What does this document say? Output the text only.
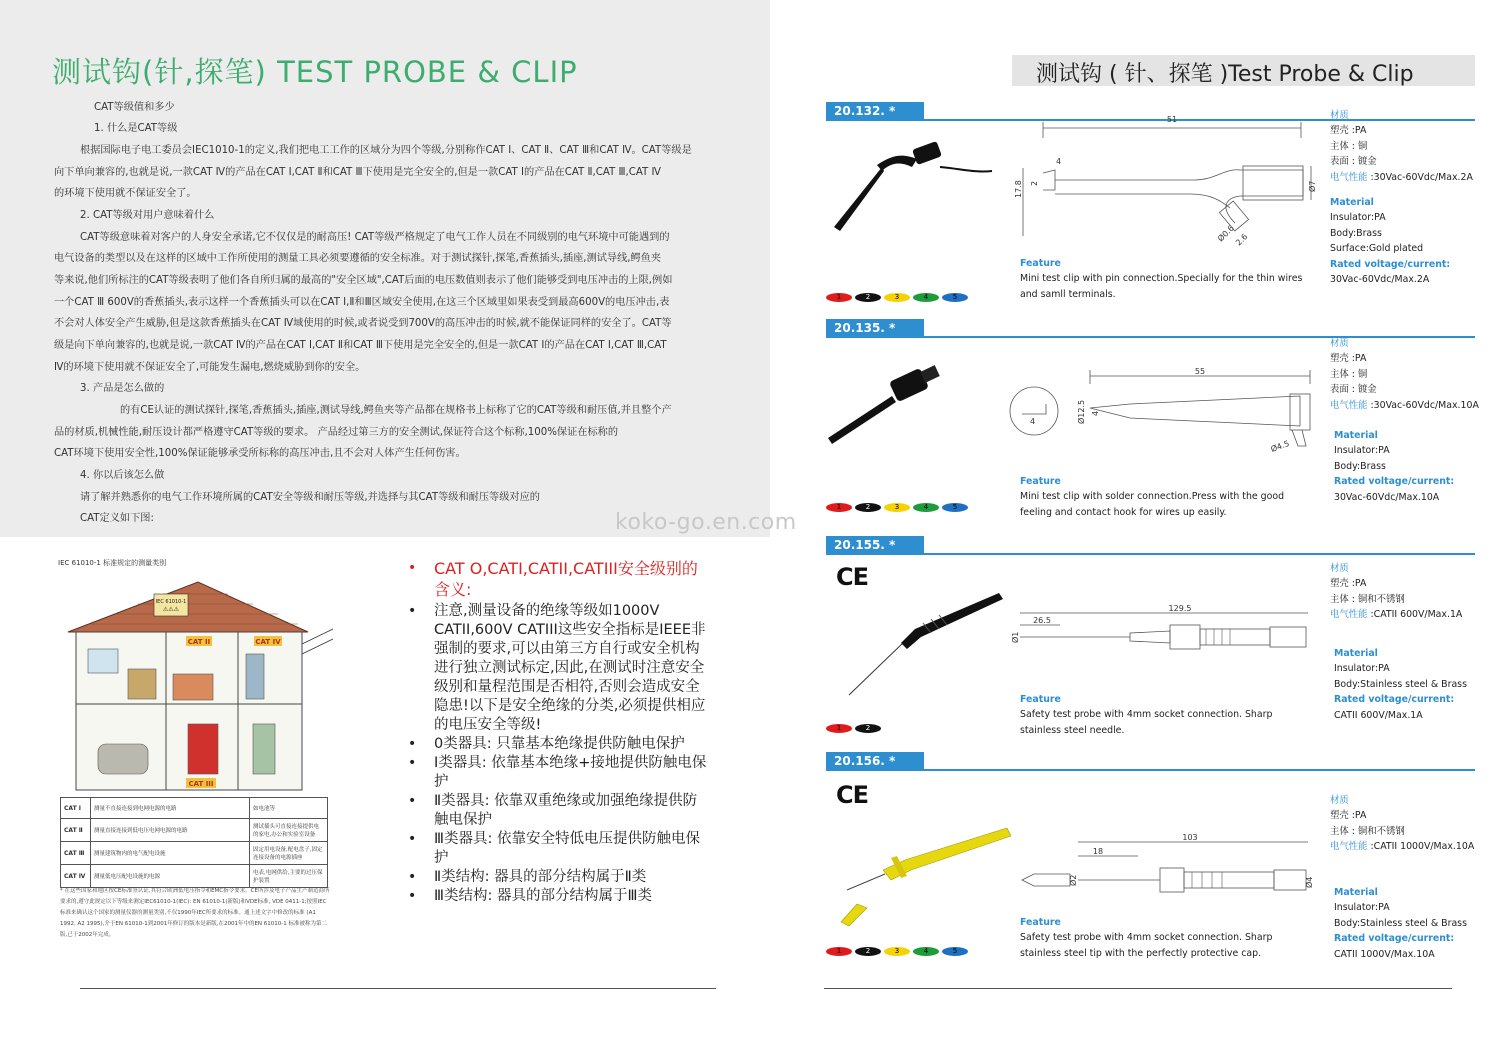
测试钩(针,探笔) TEST PROBE & CLIP
CAT等级值和多少
1. 什么是CAT等级
根据国际电子电工委员会IEC1010-1的定义,我们把电工工作的区域分为四个等级,分别称作CAT Ⅰ、CAT Ⅱ、CAT Ⅲ和CAT Ⅳ。CAT等级是
向下单向兼容的,也就是说,一款CAT Ⅳ的产品在CAT Ⅰ,CAT Ⅱ和CAT Ⅲ下使用是完全安全的,但是一款CAT Ⅰ的产品在CAT Ⅱ,CAT Ⅲ,CAT Ⅳ
的环境下使用就不保证安全了。
2. CAT等级对用户意味着什么
CAT等级意味着对客户的人身安全承诺,它不仅仅是的耐高压! CAT等级严格规定了电气工作人员在不同级别的电气环境中可能遇到的
电气设备的类型以及在这样的区域中工作所使用的测量工具必须要遵循的安全标准。对于测试探针,探笔,香蕉插头,插座,测试导线,鳄鱼夹
等来说,他们所标注的CAT等级表明了他们各自所归属的最高的"安全区域",CAT后面的电压数值则表示了他们能够受到电压冲击的上限,例如
一个CAT Ⅲ 600V的香蕉插头,表示这样一个香蕉插头可以在CAT Ⅰ,Ⅱ和Ⅲ区域安全使用,在这三个区域里如果表受到最高600V的电压冲击,表
不会对人体安全产生威胁,但是这款香蕉插头在CAT Ⅳ域使用的时候,或者说受到700V的高压冲击的时候,就不能保证同样的安全了。CAT等
级是向下单向兼容的,也就是说,一款CAT Ⅳ的产品在CAT Ⅰ,CAT Ⅱ和CAT Ⅲ下使用是完全安全的,但是一款CAT Ⅰ的产品在CAT Ⅰ,CAT Ⅲ,CAT
Ⅳ的环境下使用就不保证安全了,可能发生漏电,燃烧威胁到你的安全。
3. 产品是怎么做的
的有CE认证的测试探针,探笔,香蕉插头,插座,测试导线,鳄鱼夹等产品都在规格书上标称了它的CAT等级和耐压值,并且整个产
品的材质,机械性能,耐压设计都严格遵守CAT等级的要求。 产品经过第三方的安全测试,保证符合这个标称,100%保证在标称的
CAT环境下使用安全性,100%保证能够承受所标称的高压冲击,且不会对人体产生任何伤害。
4. 你以后该怎么做
请了解并熟悉你的电气工作环境所属的CAT安全等级和耐压等级,并选择与其CAT等级和耐压等级对应的
CAT定义如下图:
IEC 61010-1 标准规定的测量类别
IEC 61010-1
⚠⚠⚠
CAT II	CAT IV
CAT III
CAT Ⅰ	测量不直接连接到电网电源的电路	如电池等
CAT Ⅱ	测量直接连接到低电压电网电源的电路	测试插头可直接连接提供电的家电,办公和实验室设备
CAT Ⅲ	测量建筑物内的电气配电设施	固定用电设备,配电盘子,固定连接设备的电源插座
CAT Ⅳ	测量低电压配电设施的电源	电表,电网供给,主要的过压保护装置
* 在这些国家和地区按CE标准签认证,其符合欧洲低电压指令和EMC指令要求。CE所涉及电子产品生产制造商所要求的,遵守此规定以下等级来测定IEC61010-1(IEC): EN 61010-1(新版)和VDE标准, VDE 0411-1;按照IEC标准来确认这个国家的测量仪器的测量类别,不仅1990年IEC所要求的标准。通上述文字中修改的标准 (A1 1992, A2 1995),介于EN 61010-1到2001年修订的版本是新版,在2001年中的EN 61010-1 标准被称为第二版,已于2002年完成。
•	CAT O,CATI,CATII,CATIII安全级别的含义:
•	注意,测量设备的绝缘等级如1000V CATII,600V CATIII这些安全指标是IEEE非强制的要求,可以由第三方自行或安全机构进行独立测试标定,因此,在测试时注意安全级别和量程范围是否相符,否则会造成安全隐患!以下是安全绝缘的分类,必须提供相应的电压安全等级!
•	0类器具: 只靠基本绝缘提供防触电保护
•	Ⅰ类器具: 依靠基本绝缘+接地提供防触电保护
•	Ⅱ类器具: 依靠双重绝缘或加强绝缘提供防触电保护
•	Ⅲ类器具: 依靠安全特低电压提供防触电保护
•	Ⅱ类结构: 器具的部分结构属于Ⅱ类
•	Ⅲ类结构: 器具的部分结构属于Ⅲ类
测试钩 ( 针、探笔 )Test Probe & Clip
koko-go.en.com
20.132. *
51
17.8
4
2	Ø7
Ø0.6
2.6
材质
塑壳 :PA
主体 : 铜
表面 : 镀金
电气性能 :30Vac-60Vdc/Max.2A
Material
Insulator:PA
Body:Brass
Surface:Gold plated
Rated voltage/current:
30Vac-60Vdc/Max.2A
Feature
Mini test clip with pin connection.Specially for the thin wires and samll terminals.
1	2	3	4	5
20.135. *
55
4	Ø12.5 4
Ø4.5
材质
塑壳 :PA
主体 : 铜
表面 : 镀金
电气性能 :30Vac-60Vdc/Max.10A
Material
Insulator:PA
Body:Brass
Rated voltage/current:
30Vac-60Vdc/Max.10A
Feature
Mini test clip with solder connection.Press with the good feeling and contact hook for wires up easily.
1	2	3	4	5
20.155. *
CE
129.5
26.5
Ø1
材质
塑壳 :PA
主体 : 铜和不锈钢
电气性能 :CATII 600V/Max.1A
Material
Insulator:PA
Body:Stainless steel & Brass
Rated voltage/current:
CATII 600V/Max.1A
Feature
Safety test probe with 4mm socket connection. Sharp stainless steel needle.
1	2
20.156. *
CE
103
18
Ø2	Ø4
材质
塑壳 :PA
主体 : 铜和不锈钢
电气性能 :CATII 1000V/Max.10A
Material
Insulator:PA
Body:Stainless steel & Brass
Rated voltage/current:
CATII 1000V/Max.10A
Feature
Safety test probe with 4mm socket connection. Sharp stainless steel tip with the perfectly protective cap.
1	2	3	4	5
